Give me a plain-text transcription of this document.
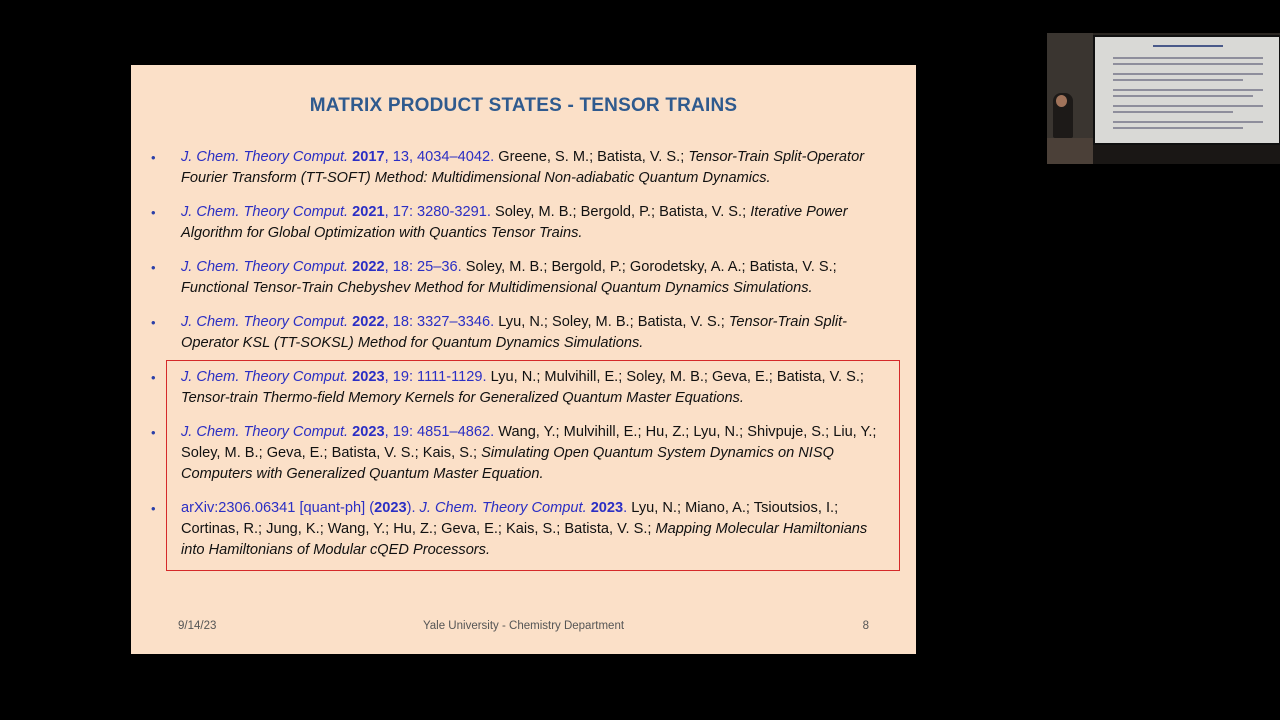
MATRIX PRODUCT STATES - TENSOR TRAINS
• J. Chem. Theory Comput. 2017, 13, 4034–4042. Greene, S. M.; Batista, V. S.; Tensor-Train Split-Operator Fourier Transform (TT-SOFT) Method: Multidimensional Non-adiabatic Quantum Dynamics.
• J. Chem. Theory Comput. 2021, 17: 3280-3291. Soley, M. B.; Bergold, P.; Batista, V. S.; Iterative Power Algorithm for Global Optimization with Quantics Tensor Trains.
• J. Chem. Theory Comput. 2022, 18: 25–36. Soley, M. B.; Bergold, P.; Gorodetsky, A. A.; Batista, V. S.; Functional Tensor-Train Chebyshev Method for Multidimensional Quantum Dynamics Simulations.
• J. Chem. Theory Comput. 2022, 18: 3327–3346. Lyu, N.; Soley, M. B.; Batista, V. S.; Tensor-Train Split-Operator KSL (TT-SOKSL) Method for Quantum Dynamics Simulations.
• J. Chem. Theory Comput. 2023, 19: 1111-1129. Lyu, N.; Mulvihill, E.; Soley, M. B.; Geva, E.; Batista, V. S.; Tensor-train Thermo-field Memory Kernels for Generalized Quantum Master Equations.
• J. Chem. Theory Comput. 2023, 19: 4851–4862. Wang, Y.; Mulvihill, E.; Hu, Z.; Lyu, N.; Shivpuje, S.; Liu, Y.; Soley, M. B.; Geva, E.; Batista, V. S.; Kais, S.; Simulating Open Quantum System Dynamics on NISQ Computers with Generalized Quantum Master Equation.
• arXiv:2306.06341 [quant-ph] (2023). J. Chem. Theory Comput. 2023. Lyu, N.; Miano, A.; Tsioutsios, I.; Cortinas, R.; Jung, K.; Wang, Y.; Hu, Z.; Geva, E.; Kais, S.; Batista, V. S.; Mapping Molecular Hamiltonians into Hamiltonians of Modular cQED Processors.
9/14/23	Yale University - Chemistry Department	8
